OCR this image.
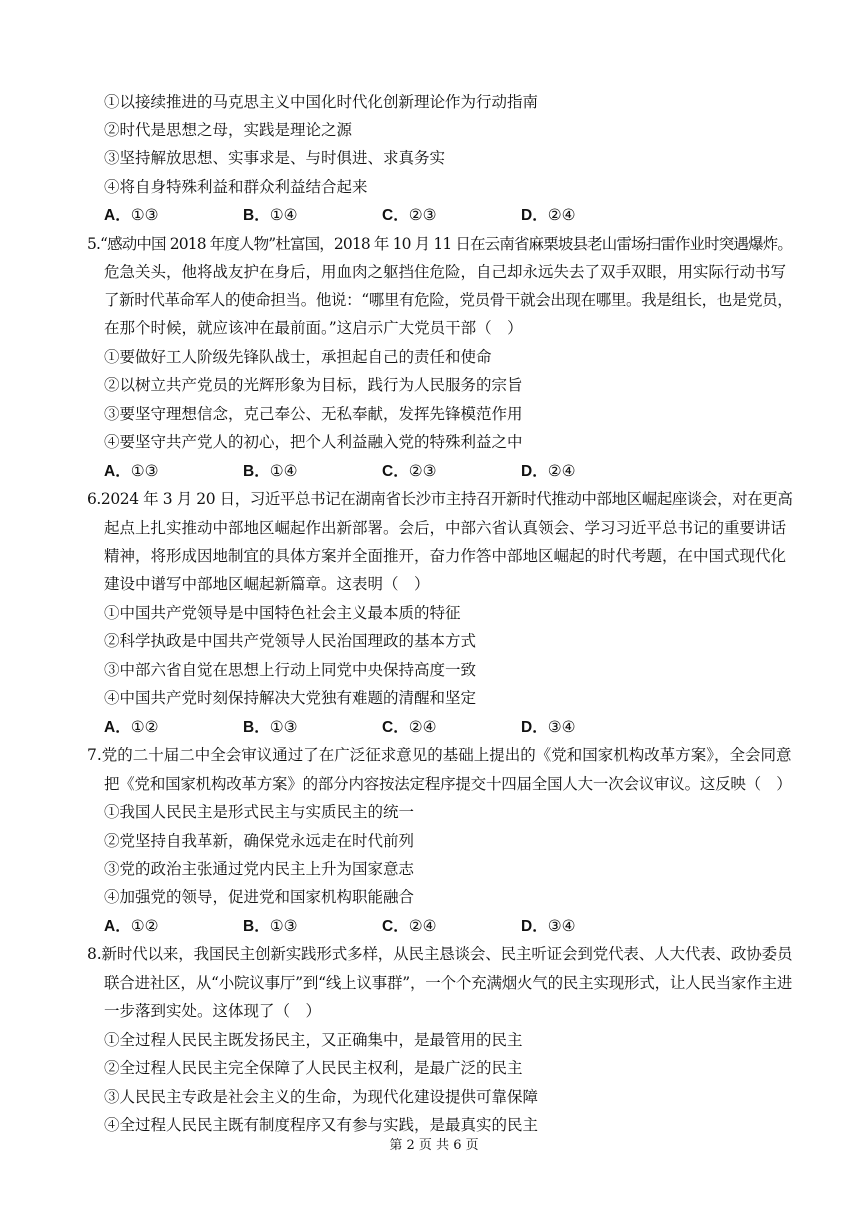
①以接续推进的马克思主义中国化时代化创新理论作为行动指南
②时代是思想之母，实践是理论之源
③坚持解放思想、实事求是、与时俱进、求真务实
④将自身特殊利益和群众利益结合起来
A．①③	B．①④	C．②③	D．②④
5.“感动中国 2018 年度人物”杜富国，2018 年 10 月 11 日在云南省麻栗坡县老山雷场扫雷作业时突遇爆炸。
危急关头，他将战友护在身后，用血肉之躯挡住危险，自己却永远失去了双手双眼，用实际行动书写
了新时代革命军人的使命担当。他说：“哪里有危险，党员骨干就会出现在哪里。我是组长，也是党员，
在那个时候，就应该冲在最前面。”这启示广大党员干部（　）
①要做好工人阶级先锋队战士，承担起自己的责任和使命
②以树立共产党员的光辉形象为目标，践行为人民服务的宗旨
③要坚守理想信念，克己奉公、无私奉献，发挥先锋模范作用
④要坚守共产党人的初心，把个人利益融入党的特殊利益之中
A．①③	B．①④	C．②③	D．②④
6.2024 年 3 月 20 日，习近平总书记在湖南省长沙市主持召开新时代推动中部地区崛起座谈会，对在更高
起点上扎实推动中部地区崛起作出新部署。会后，中部六省认真领会、学习习近平总书记的重要讲话
精神，将形成因地制宜的具体方案并全面推开，奋力作答中部地区崛起的时代考题，在中国式现代化
建设中谱写中部地区崛起新篇章。这表明（　）
①中国共产党领导是中国特色社会主义最本质的特征
②科学执政是中国共产党领导人民治国理政的基本方式
③中部六省自觉在思想上行动上同党中央保持高度一致
④中国共产党时刻保持解决大党独有难题的清醒和坚定
A．①②	B．①③	C．②④	D．③④
7.党的二十届二中全会审议通过了在广泛征求意见的基础上提出的《党和国家机构改革方案》，全会同意
把《党和国家机构改革方案》的部分内容按法定程序提交十四届全国人大一次会议审议。这反映（　）
①我国人民民主是形式民主与实质民主的统一
②党坚持自我革新，确保党永远走在时代前列
③党的政治主张通过党内民主上升为国家意志
④加强党的领导，促进党和国家机构职能融合
A．①②	B．①③	C．②④	D．③④
8.新时代以来，我国民主创新实践形式多样，从民主恳谈会、民主听证会到党代表、人大代表、政协委员
联合进社区，从“小院议事厅”到“线上议事群”，一个个充满烟火气的民主实现形式，让人民当家作主进
一步落到实处。这体现了（　）
①全过程人民民主既发扬民主，又正确集中，是最管用的民主
②全过程人民民主完全保障了人民民主权利，是最广泛的民主
③人民民主专政是社会主义的生命，为现代化建设提供可靠保障
④全过程人民民主既有制度程序又有参与实践，是最真实的民主
第 2 页 共 6 页
